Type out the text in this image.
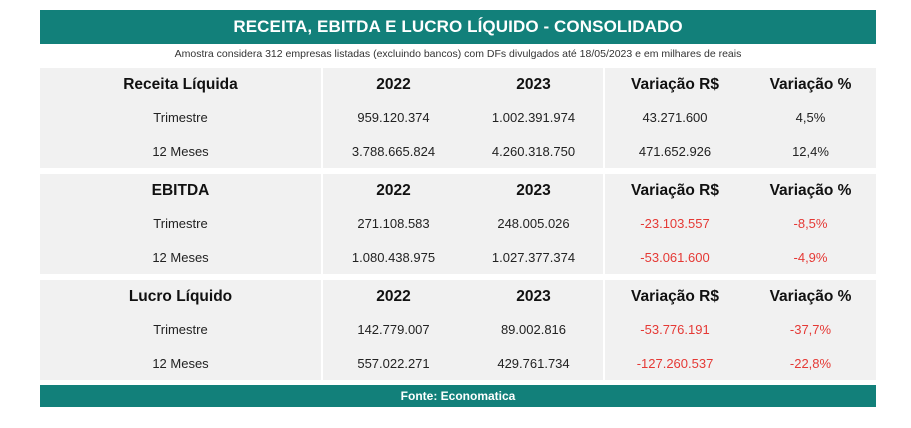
RECEITA, EBITDA E LUCRO LÍQUIDO - CONSOLIDADO
Amostra considera 312 empresas listadas (excluindo bancos) com DFs divulgados até 18/05/2023 e em milhares de reais
Receita Líquida	2022	2023	Variação R$	Variação %
Trimestre	959.120.374	1.002.391.974	43.271.600	4,5%
12 Meses	3.788.665.824	4.260.318.750	471.652.926	12,4%
EBITDA	2022	2023	Variação R$	Variação %
Trimestre	271.108.583	248.005.026	-23.103.557	-8,5%
12 Meses	1.080.438.975	1.027.377.374	-53.061.600	-4,9%
Lucro Líquido	2022	2023	Variação R$	Variação %
Trimestre	142.779.007	89.002.816	-53.776.191	-37,7%
12 Meses	557.022.271	429.761.734	-127.260.537	-22,8%
Fonte: Economatica
